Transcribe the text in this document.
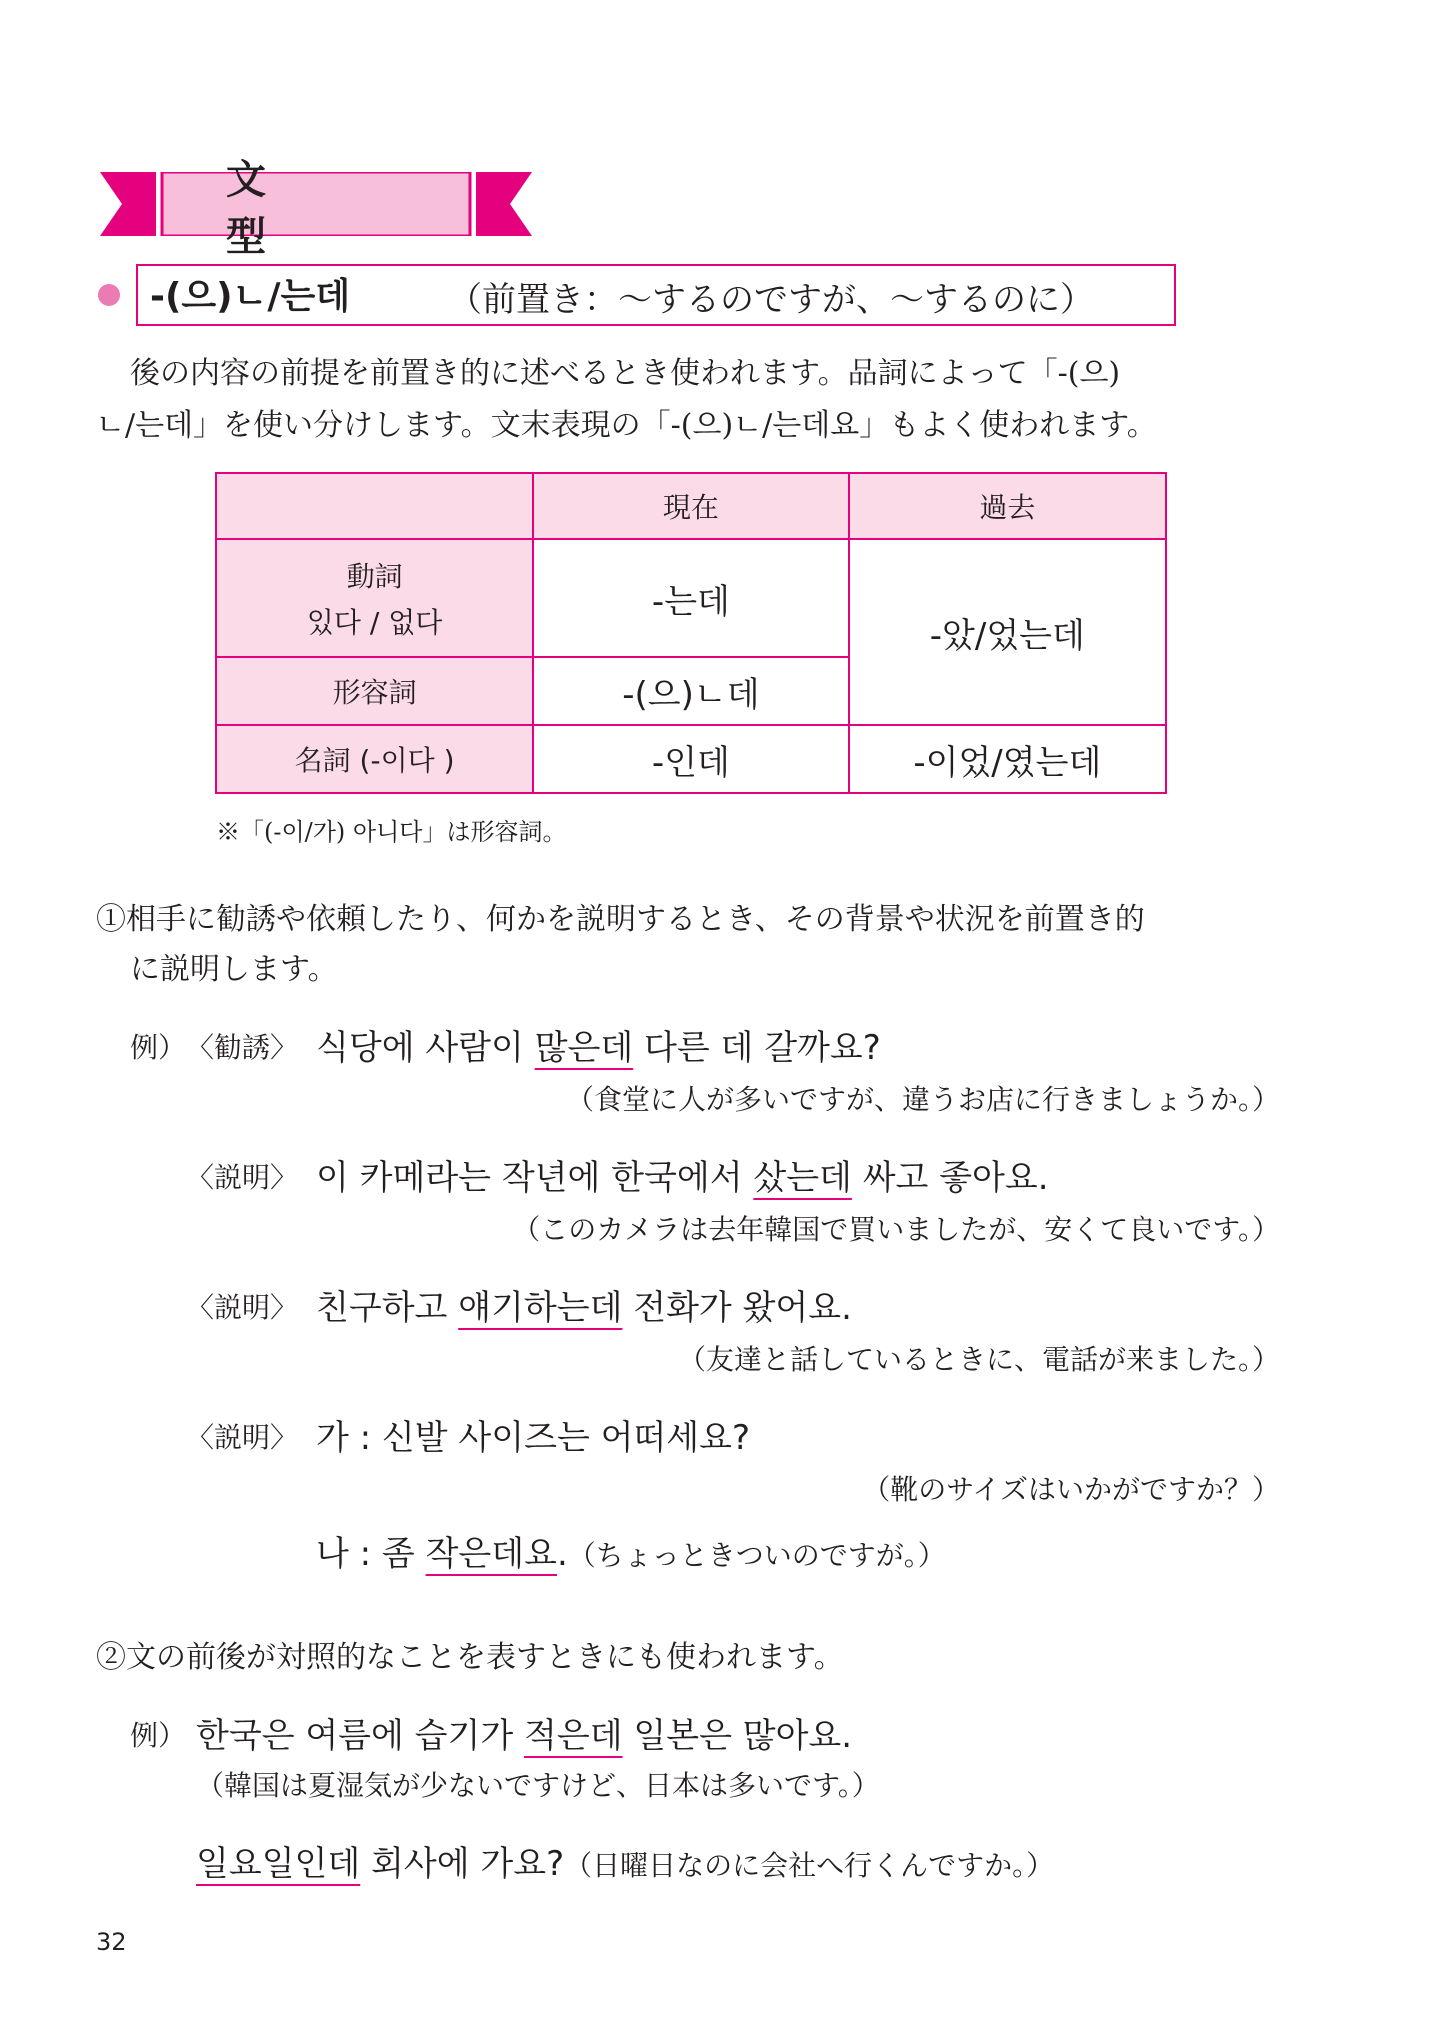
文　型
-(으)ㄴ/는데	（前置き：～するのですが、～するのに）
後の内容の前提を前置き的に述べるとき使われます。品詞によって「-(으)
ㄴ/는데」を使い分けします。文末表現の「-(으)ㄴ/는데요」もよく使われます。
	現在	過去

動詞
있다 / 없다	-는데	-았/었는데
形容詞	-(으)ㄴ데	
名詞 (-이다 )	-인데	-이었/였는데
※「(-이/가) 아니다」は形容詞。
①相手に勧誘や依頼したり、何かを説明するとき、その背景や状況を前置き的
に説明します。
例） 〈勧誘〉 식당에 사람이 많은데 다른 데 갈까요?
（食堂に人が多いですが、違うお店に行きましょうか。）
〈説明〉 이 카메라는 작년에 한국에서 샀는데 싸고 좋아요.
（このカメラは去年韓国で買いましたが、安くて良いです。）
〈説明〉 친구하고 얘기하는데 전화가 왔어요.
（友達と話しているときに、電話が来ました。）
〈説明〉 가 : 신발 사이즈는 어떠세요?
（靴のサイズはいかがですか？）
나 : 좀 작은데요.（ちょっときついのですが。）
②文の前後が対照的なことを表すときにも使われます。
例） 한국은 여름에 습기가 적은데 일본은 많아요.
（韓国は夏湿気が少ないですけど、日本は多いです。）
일요일인데 회사에 가요?（日曜日なのに会社へ行くんですか。）
32
